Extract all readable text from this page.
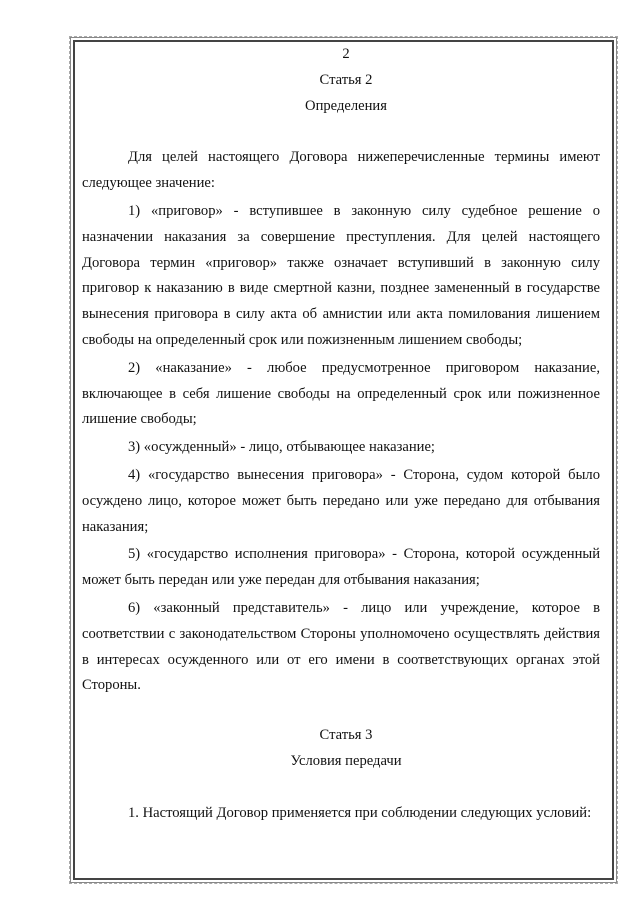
2

Статья 2

Определения

Для целей настоящего Договора нижеперечисленные термины имеют следующее значение:

1) «приговор» - вступившее в законную силу судебное решение о назначении наказания за совершение преступления. Для целей настоящего Договора термин «приговор» также означает вступивший в законную силу приговор к наказанию в виде смертной казни, позднее замененный в государстве вынесения приговора в силу акта об амнистии или акта помилования лишением свободы на определенный срок или пожизненным лишением свободы;

2) «наказание» - любое предусмотренное приговором наказание, включающее в себя лишение свободы на определенный срок или пожизненное лишение свободы;

3) «осужденный» - лицо, отбывающее наказание;

4) «государство вынесения приговора» - Сторона, судом которой было осуждено лицо, которое может быть передано или уже передано для отбывания наказания;

5) «государство исполнения приговора» - Сторона, которой осужденный может быть передан или уже передан для отбывания наказания;

6) «законный представитель» - лицо или учреждение, которое в соответствии с законодательством Стороны уполномочено осуществлять действия в интересах осужденного или от его имени в соответствующих органах этой Стороны.

Статья 3

Условия передачи

1. Настоящий Договор применяется при соблюдении следующих условий:
